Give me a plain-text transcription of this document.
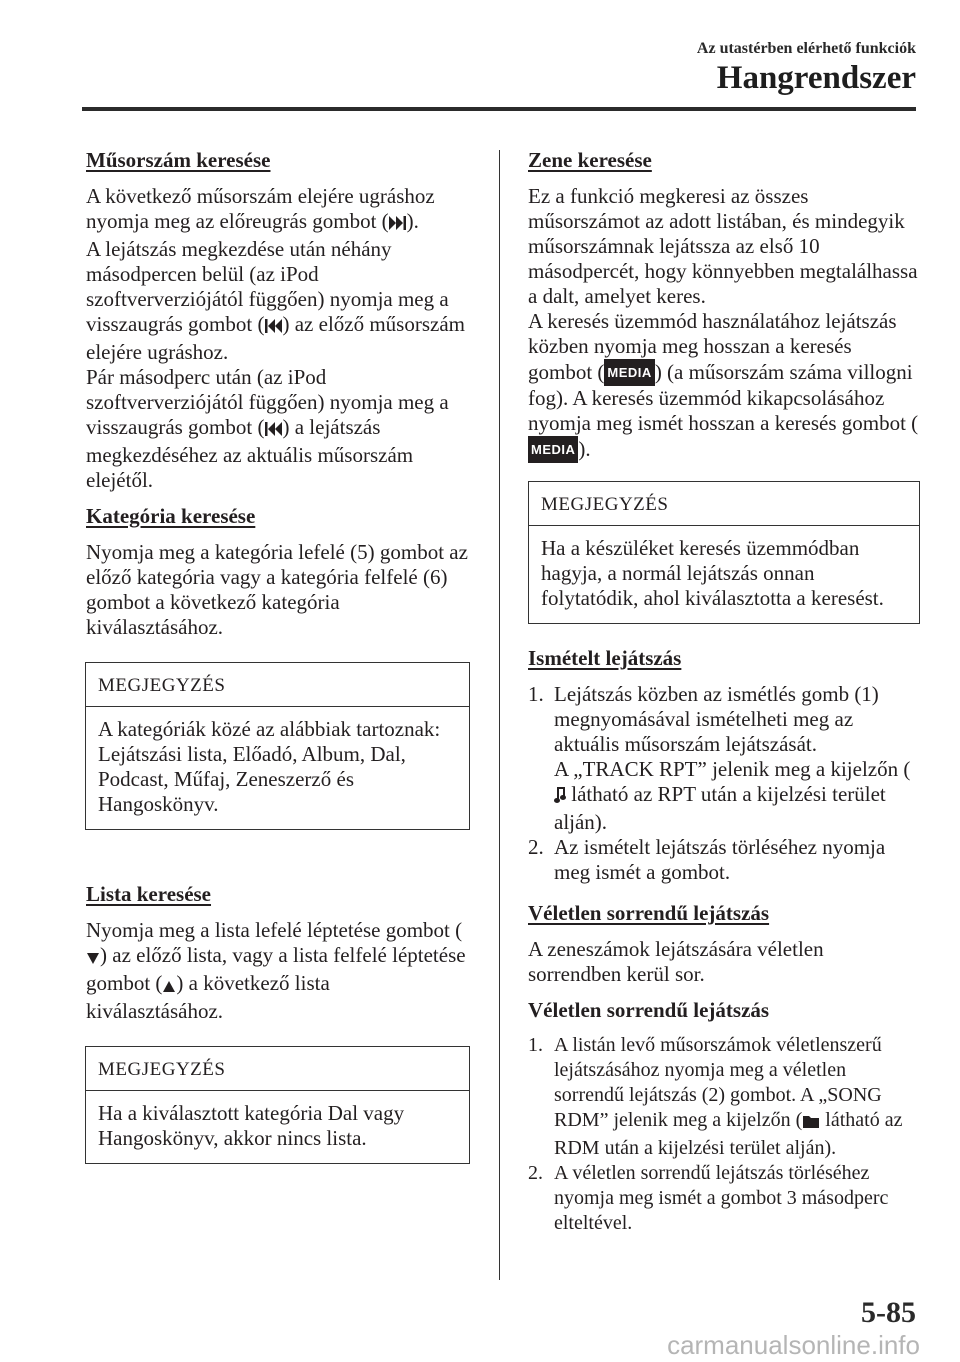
Az utastérben elérhető funkciók
Hangrendszer
Műsorszám keresése

A következő műsorszám elejére ugráshoz nyomja meg az előreugrás gombot ( ).

A lejátszás megkezdése után néhány másodpercen belül (az iPod szoftververziójától függően) nyomja meg a visszaugrás gombot ( ) az előző műsorszám elejére ugráshoz.

Pár másodperc után (az iPod szoftververziójától függően) nyomja meg a visszaugrás gombot ( ) a lejátszás megkezdéséhez az aktuális műsorszám elejétől.

Kategória keresése

Nyomja meg a kategória lefelé (5) gombot az előző kategória vagy a kategória felfelé (6) gombot a következő kategória kiválasztásához.

MEGJEGYZÉS
A kategóriák közé az alábbiak tartoznak: Lejátszási lista, Előadó, Album, Dal, Podcast, Műfaj, Zeneszerző és Hangoskönyv.
Lista keresése

Nyomja meg a lista lefelé léptetése gombot () az előző lista, vagy a lista felfelé léptetése gombot ( ) a következő lista kiválasztásához.

MEGJEGYZÉS
Ha a kiválasztott kategória Dal vagy Hangoskönyv, akkor nincs lista.
Zene keresése

Ez a funkció megkeresi az összes műsorszámot az adott listában, és mindegyik műsorszámnak lejátssza az első 10 másodpercét, hogy könnyebben megtalálhassa a dalt, amelyet keres.

A keresés üzemmód használatához lejátszás közben nyomja meg hosszan a keresés gombot ( MEDIA ) (a műsorszám száma villogni fog). A keresés üzemmód kikapcsolásához nyomja meg ismét hosszan a keresés gombot (MEDIA ).

MEGJEGYZÉS
Ha a készüléket keresés üzemmódban hagyja, a normál lejátszás onnan folytatódik, ahol kiválasztotta a keresést.
Ismételt lejátszás
1. Lejátszás közben az ismétlés gomb (1) megnyomásával ismételheti meg az aktuális műsorszám lejátszását.
A „TRACK RPT” jelenik meg a kijelzőn ( látható az RPT után a kijelzési terület alján).
2. Az ismételt lejátszás törléséhez nyomja meg ismét a gombot.
Véletlen sorrendű lejátszás

A zeneszámok lejátszására véletlen sorrendben kerül sor.

Véletlen sorrendű lejátszás
1. A listán levő műsorszámok véletlenszerű lejátszásához nyomja meg a véletlen sorrendű lejátszás (2) gombot. A „SONG RDM” jelenik meg a kijelzőn ( látható az RDM után a kijelzési terület alján).
2. A véletlen sorrendű lejátszás törléséhez nyomja meg ismét a gombot 3 másodperc elteltével.
5-85
carmanualsonline.info
